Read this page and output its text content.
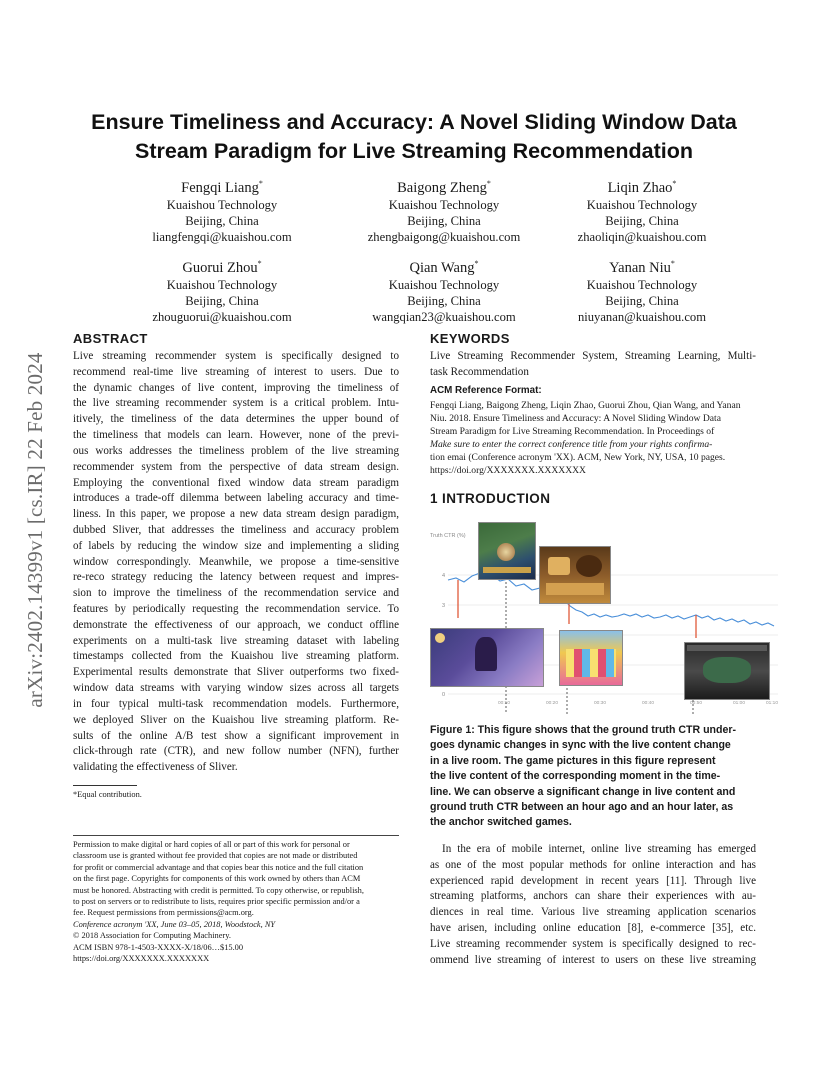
arXiv:2402.14399v1 [cs.IR] 22 Feb 2024
Ensure Timeliness and Accuracy: A Novel Sliding Window Data
Stream Paradigm for Live Streaming Recommendation
Fengqi Liang*
Kuaishou Technology
Beijing, China
liangfengqi@kuaishou.com
Baigong Zheng*
Kuaishou Technology
Beijing, China
zhengbaigong@kuaishou.com
Liqin Zhao*
Kuaishou Technology
Beijing, China
zhaoliqin@kuaishou.com
Guorui Zhou*
Kuaishou Technology
Beijing, China
zhouguorui@kuaishou.com
Qian Wang*
Kuaishou Technology
Beijing, China
wangqian23@kuaishou.com
Yanan Niu*
Kuaishou Technology
Beijing, China
niuyanan@kuaishou.com
ABSTRACT
Live streaming recommender system is specifically designed to
recommend real-time live streaming of interest to users. Due to
the dynamic changes of live content, improving the timeliness of
the live streaming recommender system is a critical problem. Intu-
itively, the timeliness of the data determines the upper bound of
the timeliness that models can learn. However, none of the previ-
ous works addresses the timeliness problem of the live streaming
recommender system from the perspective of data stream design.
Employing the conventional fixed window data stream paradigm
introduces a trade-off dilemma between labeling accuracy and time-
liness. In this paper, we propose a new data stream design paradigm,
dubbed Sliver, that addresses the timeliness and accuracy problem
of labels by reducing the window size and implementing a sliding
window correspondingly. Meanwhile, we propose a time-sensitive
re-reco strategy reducing the latency between request and impres-
sion to improve the timeliness of the recommendation service and
features by periodically requesting the recommendation service. To
demonstrate the effectiveness of our approach, we conduct offline
experiments on a multi-task live streaming dataset with labeling
timestamps collected from the Kuaishou live streaming platform.
Experimental results demonstrate that Sliver outperforms two fixed-
window data streams with varying window sizes across all targets
in four typical multi-task recommendation models. Furthermore,
we deployed Sliver on the Kuaishou live streaming platform. Re-
sults of the online A/B test show a significant improvement in
click-through rate (CTR), and new follow number (NFN), further
validating the effectiveness of Sliver.
*Equal contribution.
Permission to make digital or hard copies of all or part of this work for personal or
classroom use is granted without fee provided that copies are not made or distributed
for profit or commercial advantage and that copies bear this notice and the full citation
on the first page. Copyrights for components of this work owned by others than ACM
must be honored. Abstracting with credit is permitted. To copy otherwise, or republish,
to post on servers or to redistribute to lists, requires prior specific permission and/or a
fee. Request permissions from permissions@acm.org.
Conference acronym 'XX, June 03–05, 2018, Woodstock, NY
© 2018 Association for Computing Machinery.
ACM ISBN 978-1-4503-XXXX-X/18/06…$15.00
https://doi.org/XXXXXXX.XXXXXXX
KEYWORDS
Live Streaming Recommender System, Streaming Learning, Multi-
task Recommendation
ACM Reference Format:
Fengqi Liang, Baigong Zheng, Liqin Zhao, Guorui Zhou, Qian Wang, and Yanan
Niu. 2018. Ensure Timeliness and Accuracy: A Novel Sliding Window Data
Stream Paradigm for Live Streaming Recommendation. In Proceedings of
Make sure to enter the correct conference title from your rights confirma-
tion emai (Conference acronym 'XX). ACM, New York, NY, USA, 10 pages.
https://doi.org/XXXXXXX.XXXXXXX
1 INTRODUCTION
Truth CTR (%)
4
3
0
00:10	00:20	00:30	00:40	00:50	01:00	01:10
Figure 1: This figure shows that the ground truth CTR under-
goes dynamic changes in sync with the live content change
in a live room. The game pictures in this figure represent
the live content of the corresponding moment in the time-
line. We can observe a significant change in live content and
ground truth CTR between an hour ago and an hour later, as
the anchor switched games.
In the era of mobile internet, online live streaming has emerged
as one of the most popular methods for online interaction and has
experienced rapid development in recent years [11]. Through live
streaming platforms, anchors can share their experiences with au-
diences in real time. Various live streaming application scenarios
have arisen, including online education [8], e-commerce [35], etc.
Live streaming recommender system is specifically designed to rec-
ommend live streaming of interest to users on these live streaming
